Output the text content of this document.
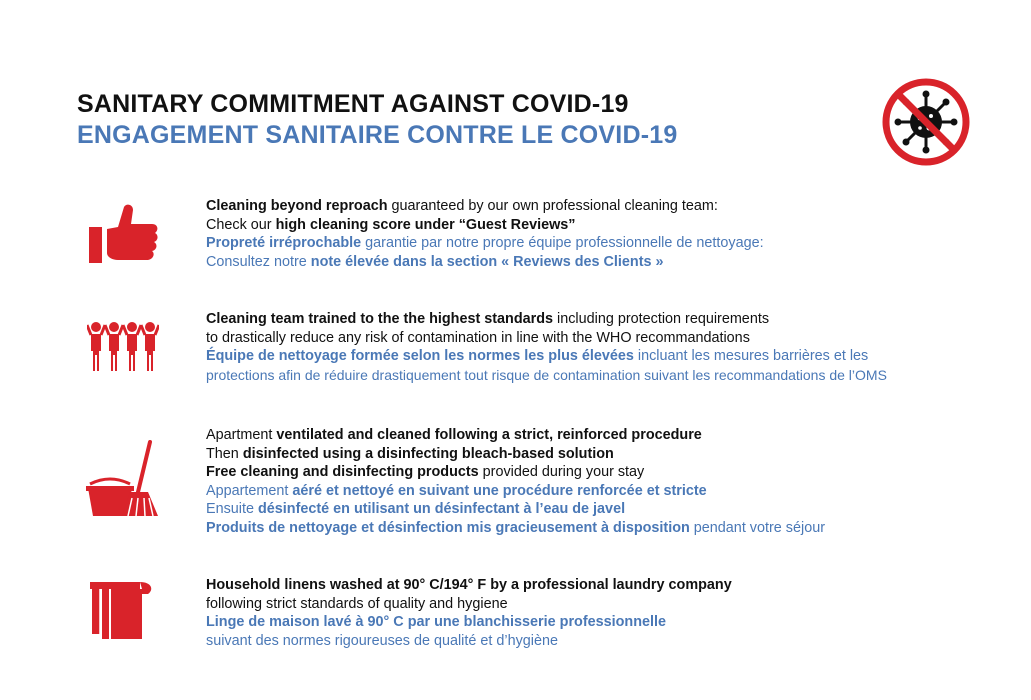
SANITARY COMMITMENT AGAINST COVID-19
ENGAGEMENT SANITAIRE CONTRE LE COVID-19
Cleaning beyond reproach guaranteed by our own professional cleaning team:
Check our high cleaning score under “Guest Reviews”
Propreté irréprochable garantie par notre propre équipe professionnelle de nettoyage:
Consultez notre note élevée dans la section « Reviews des Clients »
Cleaning team trained to the the highest standards including protection requirements
to drastically reduce any risk of contamination in line with the WHO recommandations
Équipe de nettoyage formée selon les normes les plus élevées incluant les mesures barrières et les
protections afin de réduire drastiquement tout risque de contamination suivant les recommandations de l’OMS
Apartment ventilated and cleaned following a strict, reinforced procedure
Then disinfected using a disinfecting bleach-based solution
Free cleaning and disinfecting products provided during your stay
Appartement aéré et nettoyé en suivant une procédure renforcée et stricte
Ensuite désinfecté en utilisant un désinfectant à l’eau de javel
Produits de nettoyage et désinfection mis gracieusement à disposition pendant votre séjour
Household linens washed at 90° C/194° F by a professional laundry company
following strict standards of quality and hygiene
Linge de maison lavé à 90° C par une blanchisserie professionnelle
suivant des normes rigoureuses de qualité et d’hygiène
